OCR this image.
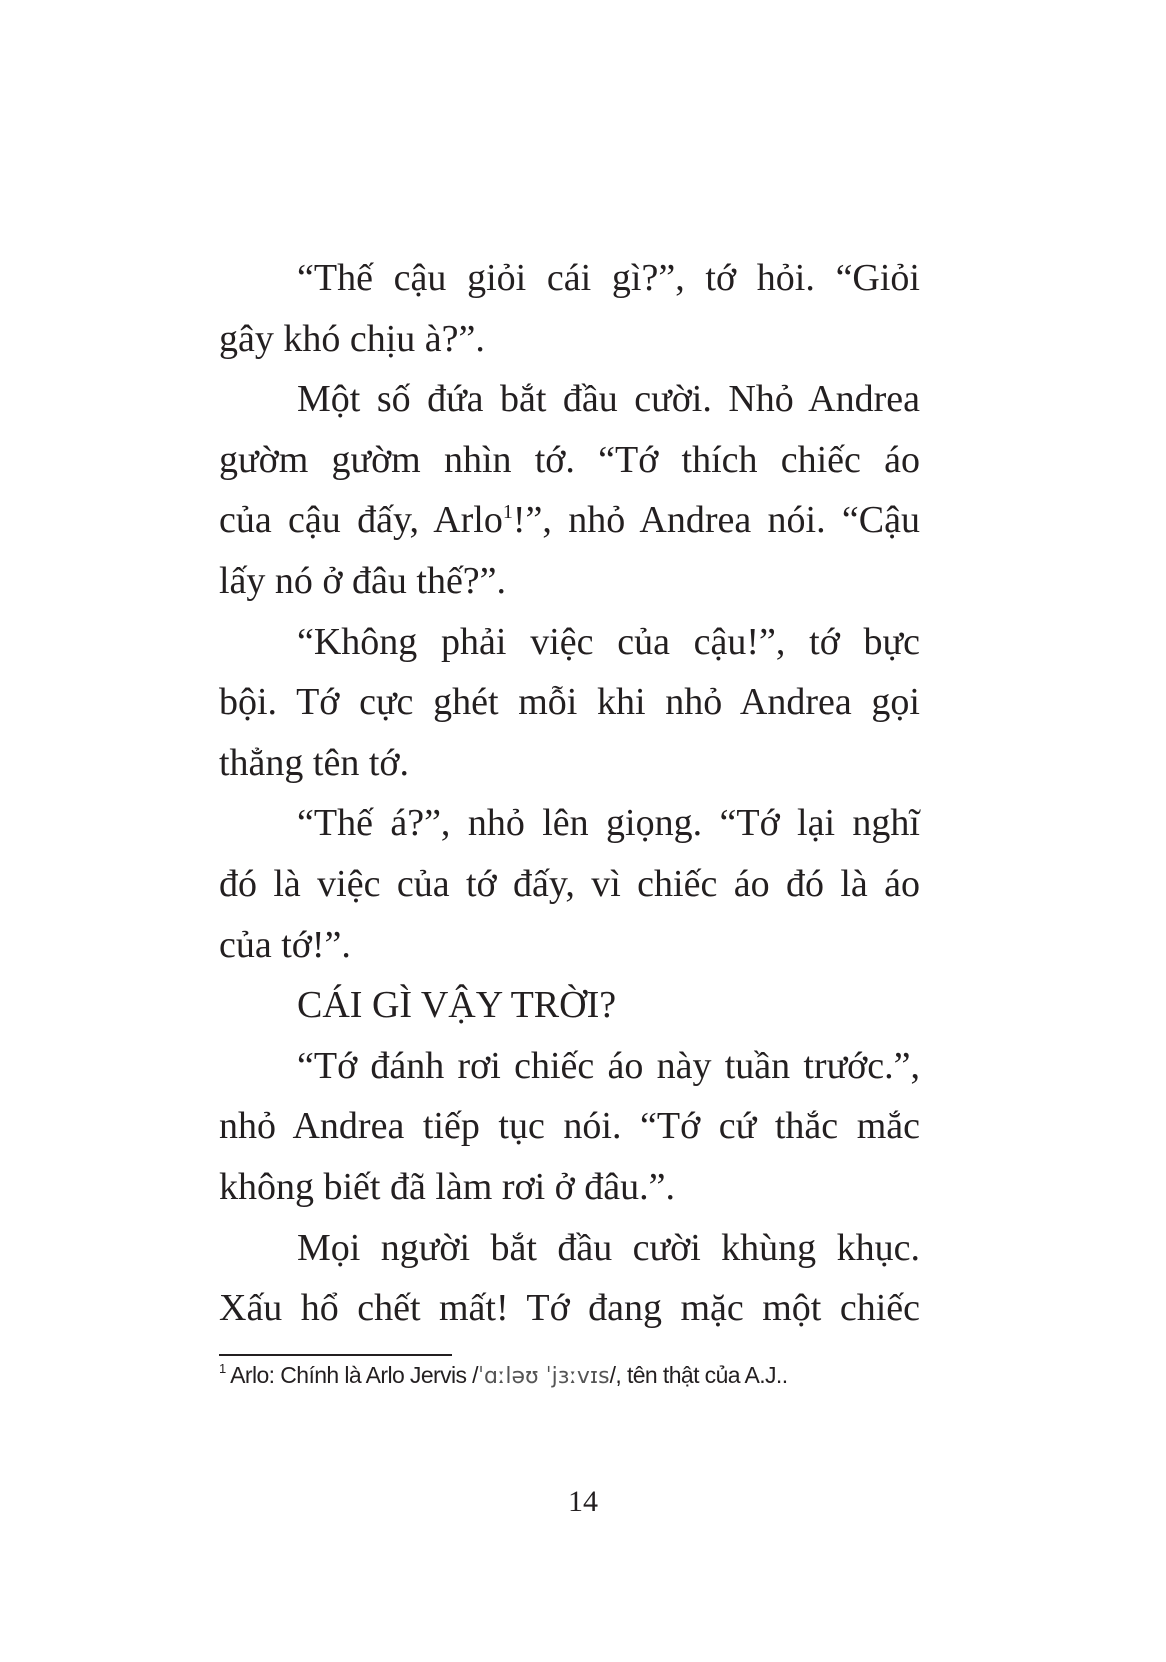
“Thế cậu giỏi cái gì?”, tớ hỏi. “Giỏi
gây khó chịu à?”.
Một số đứa bắt đầu cười. Nhỏ Andrea
gườm gườm nhìn tớ. “Tớ thích chiếc áo
của cậu đấy, Arlo$^1$!”, nhỏ Andrea nói. “Cậu
lấy nó ở đâu thế?”.
“Không phải việc của cậu!”, tớ bực
bội. Tớ cực ghét mỗi khi nhỏ Andrea gọi
thẳng tên tớ.
“Thế á?”, nhỏ lên giọng. “Tớ lại nghĩ
đó là việc của tớ đấy, vì chiếc áo đó là áo
của tớ!”.
CÁI GÌ VẬY TRỜI?
“Tớ đánh rơi chiếc áo này tuần trước.”,
nhỏ Andrea tiếp tục nói. “Tớ cứ thắc mắc
không biết đã làm rơi ở đâu.”.
Mọi người bắt đầu cười khùng khục.
Xấu hổ chết mất! Tớ đang mặc một chiếc
$^1$ Arlo: Chính là Arlo Jervis /ˈɑːləʊ ˈjɜːvɪs/, tên thật của A.J..
14
